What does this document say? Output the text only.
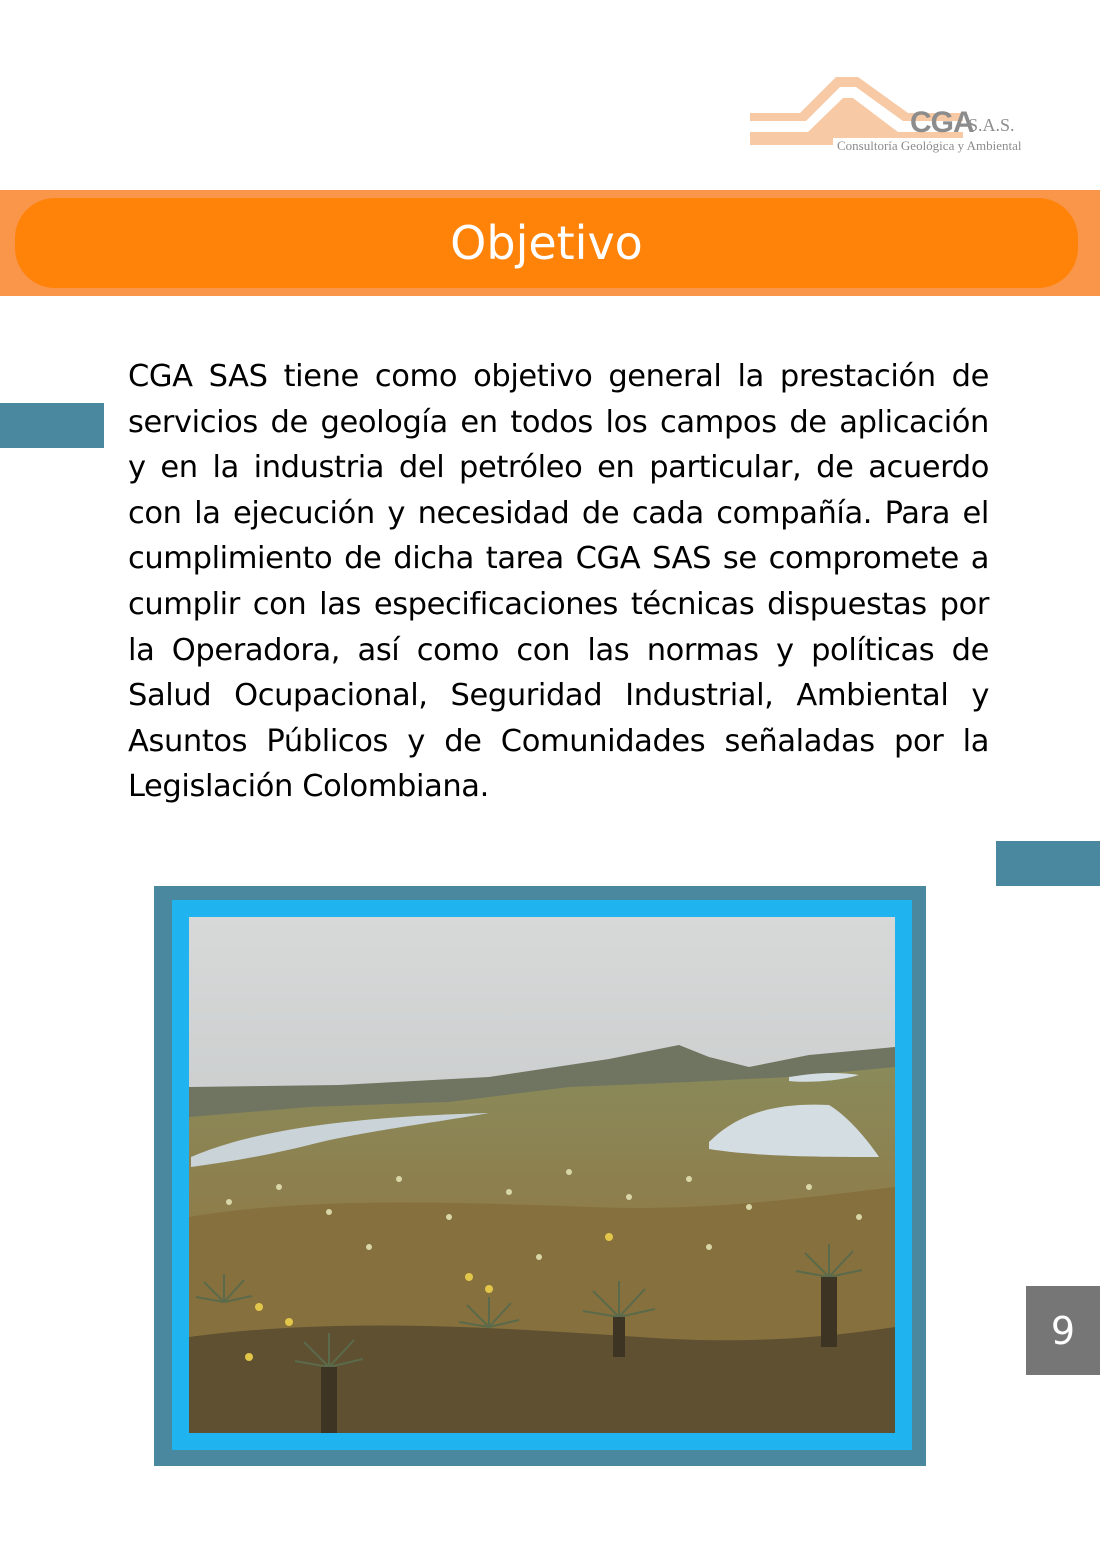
CGA
S.A.S.
Consultoría Geológica y Ambiental
Objetivo

CGA SAS tiene como objetivo general la prestación de servicios de geología en todos los campos de aplicación y en la industria del petróleo en particular, de acuerdo con la ejecución y necesidad de cada compañía. Para el cumplimiento de dicha tarea CGA SAS se compromete a cumplir con las especificaciones técnicas dispuestas por la Operadora, así como con las normas y políticas de Salud Ocupacional, Seguridad Industrial, Ambiental y Asuntos Públicos y de Comunidades señaladas por la Legislación Colombiana.

9
